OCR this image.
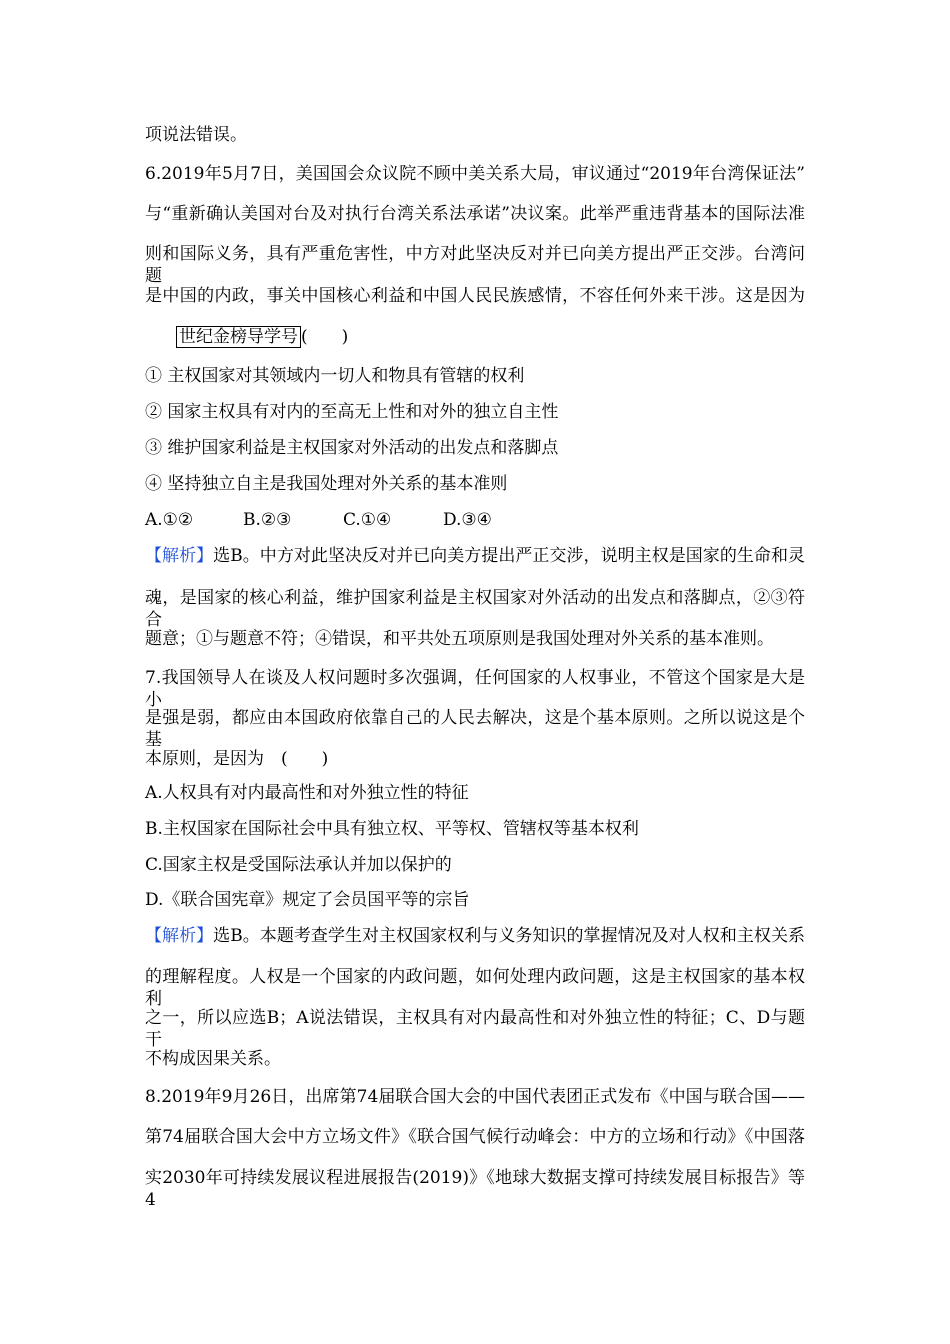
项说法错误。
6.2019年5月7日，美国国会众议院不顾中美关系大局，审议通过“2019年台湾保证法”
与“重新确认美国对台及对执行台湾关系法承诺”决议案。此举严重违背基本的国际法准
则和国际义务，具有严重危害性，中方对此坚决反对并已向美方提出严正交涉。台湾问题
是中国的内政，事关中国核心利益和中国人民民族感情，不容任何外来干涉。这是因为
世纪金榜导学号 (　　)
① 主权国家对其领域内一切人和物具有管辖的权利
② 国家主权具有对内的至高无上性和对外的独立自主性
③ 维护国家利益是主权国家对外活动的出发点和落脚点
④ 坚持独立自主是我国处理对外关系的基本准则
A.①②	B.②③	C.①④	D.③④
【解析】选B。中方对此坚决反对并已向美方提出严正交涉，说明主权是国家的生命和灵
魂，是国家的核心利益，维护国家利益是主权国家对外活动的出发点和落脚点，②③符合
题意；①与题意不符；④错误，和平共处五项原则是我国处理对外关系的基本准则。
7.我国领导人在谈及人权问题时多次强调，任何国家的人权事业，不管这个国家是大是小
是强是弱，都应由本国政府依靠自己的人民去解决，这是个基本原则。之所以说这是个基
本原则，是因为　(　　)
A.人权具有对内最高性和对外独立性的特征
B.主权国家在国际社会中具有独立权、平等权、管辖权等基本权利
C.国家主权是受国际法承认并加以保护的
D.《联合国宪章》规定了会员国平等的宗旨
【解析】选B。本题考查学生对主权国家权利与义务知识的掌握情况及对人权和主权关系
的理解程度。人权是一个国家的内政问题，如何处理内政问题，这是主权国家的基本权利
之一，所以应选B；A说法错误，主权具有对内最高性和对外独立性的特征；C、D与题干
不构成因果关系。
8.2019年9月26日，出席第74届联合国大会的中国代表团正式发布《中国与联合国——
第74届联合国大会中方立场文件》《联合国气候行动峰会：中方的立场和行动》《中国落
实2030年可持续发展议程进展报告(2019)》《地球大数据支撑可持续发展目标报告》等4
